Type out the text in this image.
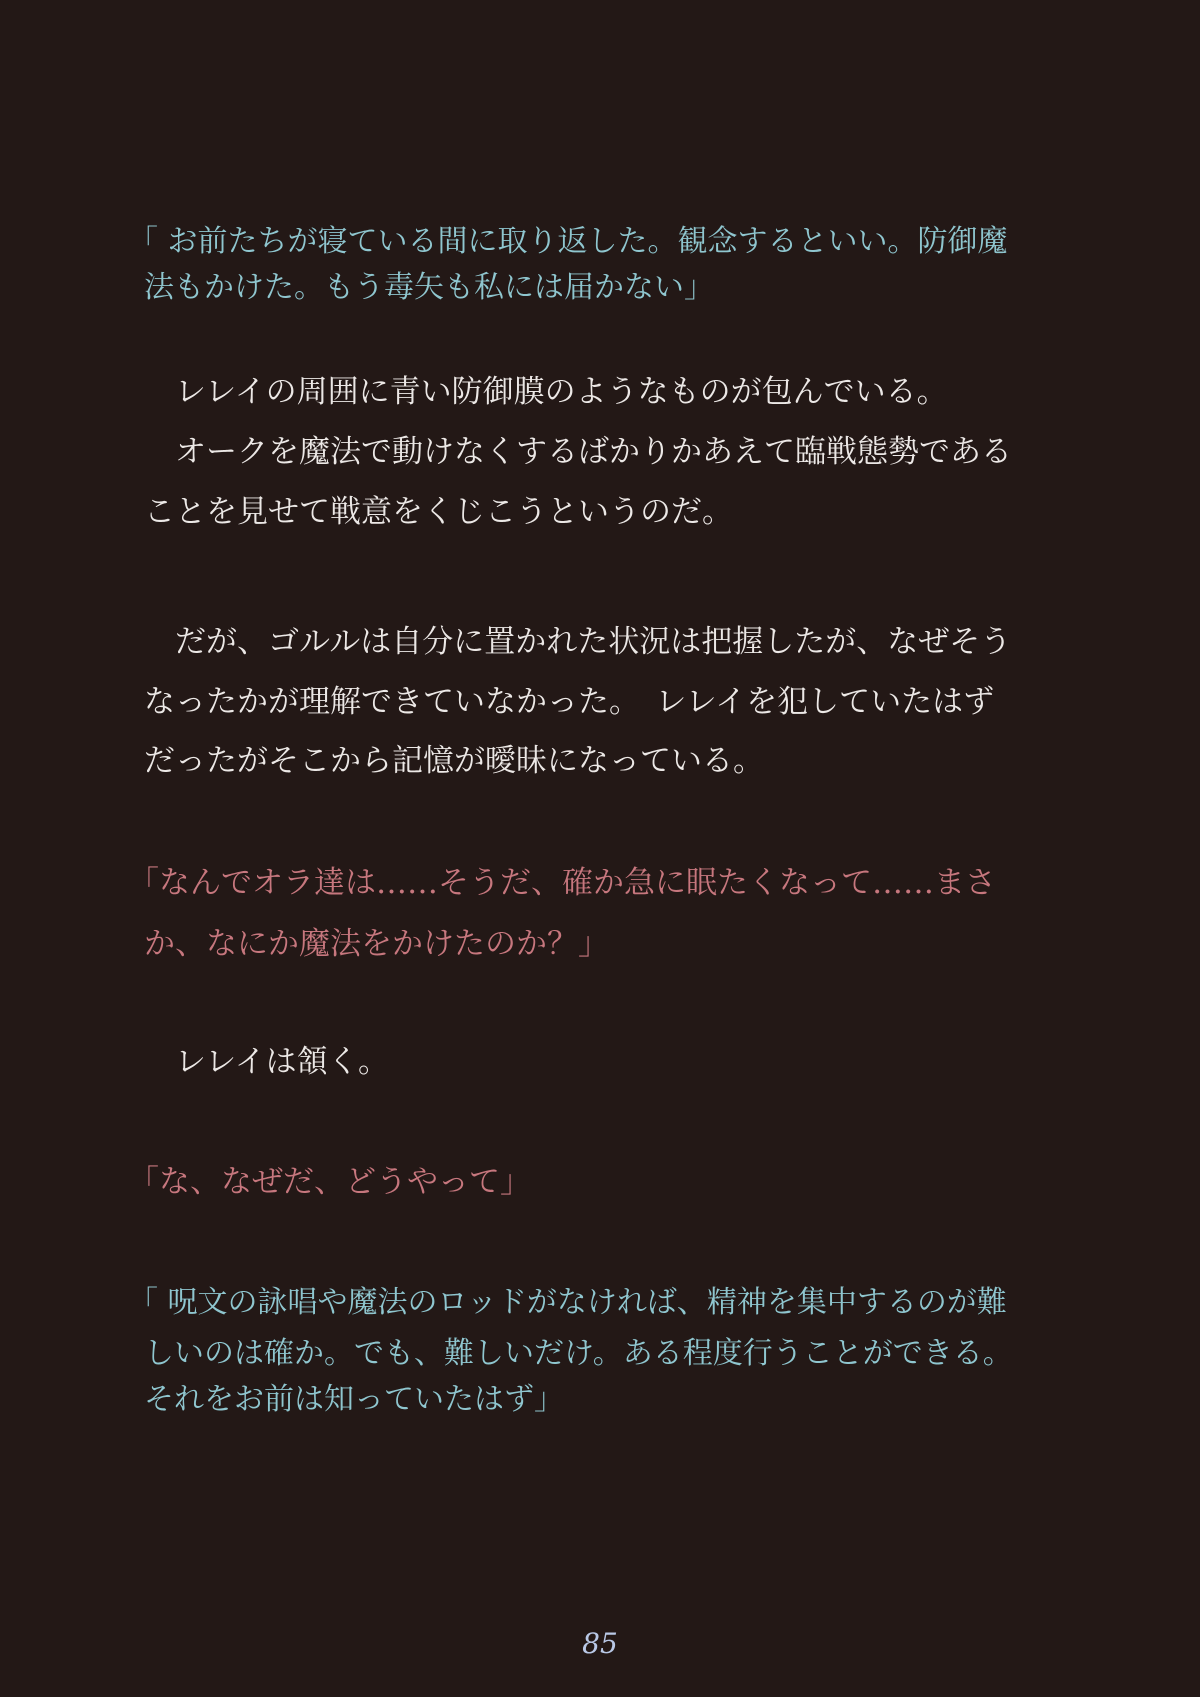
「 お前たちが寝ている間に取り返した。観念するといい。防御魔

法もかけた。もう毒矢も私には届かない」

　レレイの周囲に青い防御膜のようなものが包んでいる。

　オークを魔法で動けなくするばかりかあえて臨戦態勢である

ことを見せて戦意をくじこうというのだ。

　だが、ゴルルは自分に置かれた状況は把握したが、なぜそう

なったかが理解できていなかった。　レレイを犯していたはず

だったがそこから記憶が曖昧になっている。

「なんでオラ達は……そうだ、確か急に眠たくなって……まさ

か、なにか魔法をかけたのか？」

　レレイは頷く。

「な、なぜだ、どうやって」

「 呪文の詠唱や魔法のロッドがなければ、精神を集中するのが難

しいのは確か。でも、難しいだけ。ある程度行うことができる。

それをお前は知っていたはず」

85
